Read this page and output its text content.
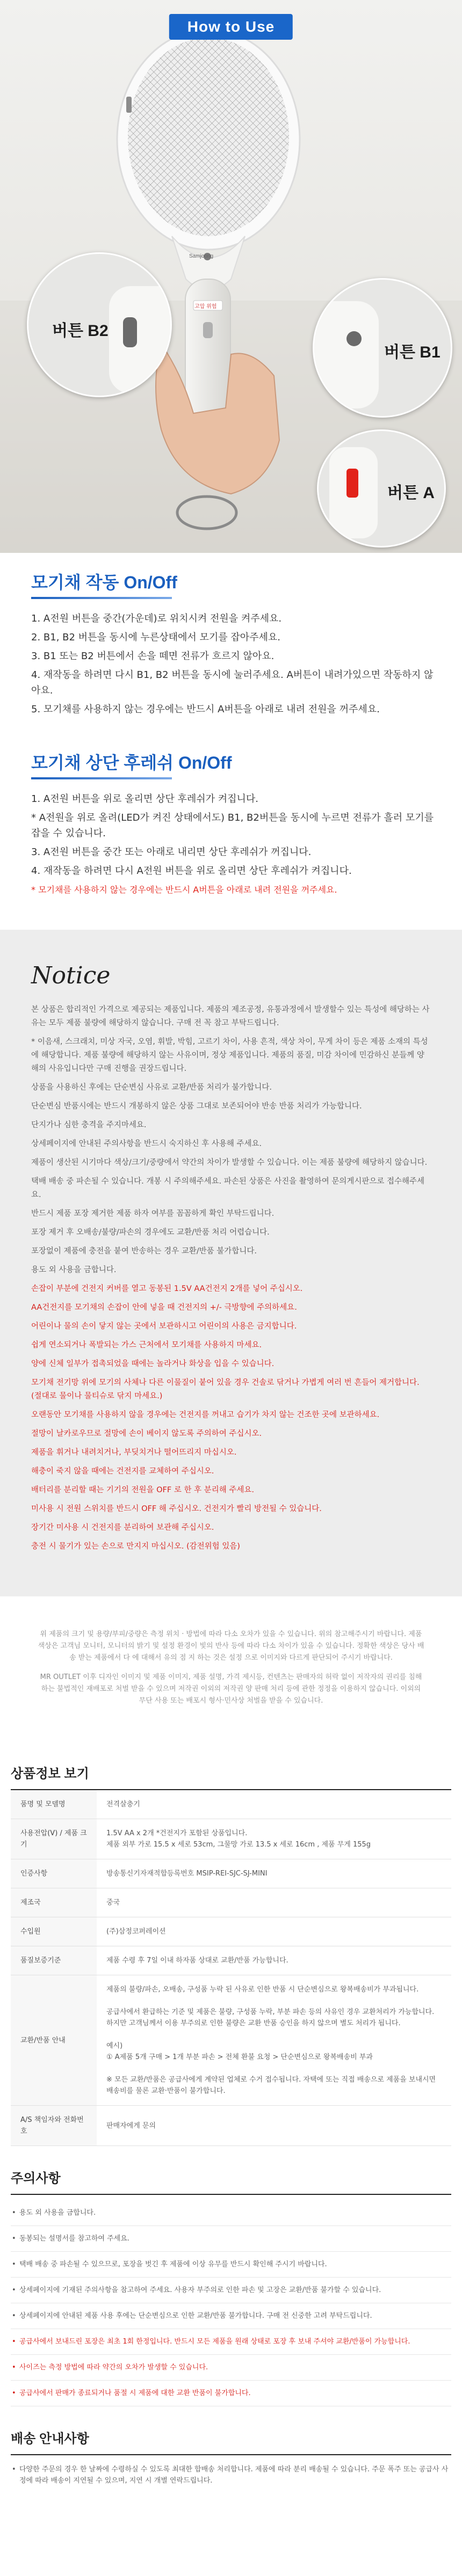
How to Use
Samjoong
고압 위험
버튼 B2
버튼 B1
버튼 A
모기채 작동 On/Off
1. A전원 버튼을 중간(가운데)로 위치시켜 전원을 켜주세요.
2. B1, B2 버튼을 동시에 누른상태에서 모기를 잡아주세요.
3. B1 또는 B2 버튼에서 손을 떼면 전류가 흐르지 않아요.
4. 재작동을 하려면 다시 B1, B2 버튼을 동시에 눌러주세요. A버튼이 내려가있으면 작동하지 않아요.
5. 모기채를 사용하지 않는 경우에는 반드시 A버튼을 아래로 내려 전원을 꺼주세요.
모기채 상단 후레쉬 On/Off
1. A전원 버튼을 위로 올리면 상단 후레쉬가 켜집니다.
* A전원을 위로 올려(LED가 켜진 상태에서도) B1, B2버튼을 동시에 누르면 전류가 흘러 모기를 잡을 수 있습니다.
3. A전원 버튼을 중간 또는 아래로 내리면 상단 후레쉬가 꺼집니다.
4. 재작동을 하려면 다시 A전원 버튼을 위로 올리면 상단 후레쉬가 켜집니다.
* 모기채를 사용하지 않는 경우에는 반드시 A버튼을 아래로 내려 전원을 꺼주세요.
Notice

본 상품은 합리적인 가격으로 제공되는 제품입니다. 제품의 제조공정, 유통과정에서 발생할수 있는 특성에 해당하는 사유는 모두 제품 불량에 해당하지 않습니다. 구매 전 꼭 참고 부탁드립니다.

* 이음새, 스크래치, 미상 자국, 오염, 휘발, 박힘, 고르기 차이, 사용 흔적, 색상 차이, 무게 차이 등은 제품 소재의 특성에 해당합니다. 제품 불량에 해당하지 않는 사유이며, 정상 제품입니다. 제품의 품질, 미감 차이에 민감하신 분들께 양해의 사유입니다만 구매 진행을 권장드립니다.

상품을 사용하신 후에는 단순변심 사유로 교환/반품 처리가 불가합니다.

단순변심 반품시에는 반드시 개봉하지 않은 상품 그대로 보존되어야 반송 반품 처리가 가능합니다.

단지가나 심한 충격을 주지마세요.

상세페이지에 안내된 주의사항을 반드시 숙지하신 후 사용해 주세요.

제품이 생산된 시기마다 색상/크기/중량에서 약간의 차이가 발생할 수 있습니다. 이는 제품 불량에 해당하지 않습니다.

택배 배송 중 파손될 수 있습니다. 개봉 시 주의해주세요. 파손된 상품은 사진을 촬영하여 문의게시판으로 접수해주세요.

반드시 제품 포장 제거한 제품 하자 여부를 꼼꼼하게 확인 부탁드립니다.

포장 제거 후 오배송/불량/파손의 경우에도 교환/반품 처리 어렵습니다.

포장없이 제품에 충전을 붙여 반송하는 경우 교환/반품 불가합니다.

용도 외 사용을 금합니다.

손잡이 부분에 건전지 커버를 열고 동봉된 1.5V AA건전지 2개를 넣어 주십시오.

AA건전지를 모기채의 손잡이 안에 넣을 때 건전지의 +/- 극방향에 주의하세요.

어린이나 물의 손이 닿지 않는 곳에서 보관하시고 어린이의 사용은 금지합니다.

쉽게 연소되거나 폭발되는 가스 근처에서 모기채를 사용하지 마세요.

양에 신체 일부가 접촉되었을 때에는 놀라거나 화상을 입을 수 있습니다.

모기채 전기망 위에 모기의 사체나 다른 이물질이 붙어 있을 경우 건솔로 닦거나 가볍게 여러 번 흔들어 제거합니다. (절대로 물이나 물티슈로 닦지 마세요.)

오랜동안 모기채를 사용하지 않을 경우에는 건전지를 꺼내고 습기가 차지 않는 건조한 곳에 보관하세요.

절망이 날카로우므로 절망에 손이 베이지 않도록 주의하여 주십시오.

제품을 휘거나 내려치거나, 부딪치거나 떨어뜨리지 마십시오.

해충이 죽지 않을 때에는 건전지를 교체하여 주십시오.

배터리를 분리할 때는 기기의 전원을 OFF 로 한 후 분리해 주세요.

미사용 시 전원 스위치를 반드시 OFF 해 주십시오. 건전지가 빨리 방전될 수 있습니다.

장기간 미사용 시 건전지를 분리하여 보관해 주십시오.

충전 시 물기가 있는 손으로 만지지 마십시오. (감전위험 있음)

위 제품의 크기 및 용량/부피/중량은 측정 위치 · 방법에 따라 다소 오차가 있을 수 있습니다. 위의 참고해주시기 바랍니다. 제품 색상은 고객님 모니터, 모니터의 밝기 및 설정 환경이 빛의 반사 등에 따라 다소 차이가 있을 수 있습니다. 정확한 색상은 당사 배송 받는 제품에서 다 에 대해서 유의 점 지 하는 것은 설정 으로 이미지와 다르게 판단되어 주시기 바랍니다.

MR OUTLET 이후 디자인 이미지 및 제품 이미지, 제품 설명, 가격 제시등, 컨텐츠는 판매자의 허락 없이 저작자의 권리를 침해하는 불법적인 재배포로 처벌 받을 수 있으며 저작권 이외의 저작권 양 판매 처리 등에 관한 정정을 이용하지 않습니다. 이외의 무단 사용 또는 배포시 형사·민사상 처벌을 받을 수 있습니다.

상품정보 보기
품명 및 모델명	전격살충기
사용전압(V) / 제품 크기	1.5V AA x 2개 *건전지가 포함된 상품입니다.
제품 외부 가로 15.5 x 세로 53cm, 그물망 가로 13.5 x 세로 16cm , 제품 무게 155g
인증사항	방송통신기자재적합등록번호 MSIP-REI-SJC-SJ-MINI
제조국	중국
수입원	(주)삼정코퍼레이션
품질보증기준	제품 수령 후 7일 이내 하자품 상대로 교환/반품 가능합니다.
교환/반품 안내	제품의 불량/파손, 오배송, 구성품 누락 된 사유로 인한 반품 시 단순변심으로 왕복배송비가 부과됩니다.

공급사에서 환급하는 기준 및 제품은 불량, 구성품 누락, 부분 파손 등의 사유인 경우 교환처리가 가능합니다. 하지만 고객님께서 이용 부주의로 인한 불량은 교환 반품 승인을 하지 않으며 별도 처리가 됩니다.

예시)
① A제품 5개 구매 > 1개 부분 파손 > 전체 환불 요청 > 단순변심으로 왕복배송비 부과

※ 모든 교환/반품은 공급사에게 계약된 업체로 수거 접수됩니다. 자택에 또는 직접 배송으로 제품을 보내시면 배송비를 물론 교환·반품이 불가합니다.
A/S 책임자와 전화번호	판매자에게 문의
주의사항
• 용도 외 사용을 금합니다.
• 동봉되는 설명서를 참고하여 주세요.
• 택배 배송 중 파손될 수 있으므로, 포장을 벗긴 후 제품에 이상 유무를 반드시 확인해 주시기 바랍니다.
• 상세페이지에 기재된 주의사항을 참고하여 주세요. 사용자 부주의로 인한 파손 및 고장은 교환/반품 불가할 수 있습니다.
• 상세페이지에 안내된 제품 사용 후에는 단순변심으로 인한 교환/반품 불가합니다. 구매 전 신중한 고려 부탁드립니다.
• 공급사에서 보내드린 포장은 최초 1회 한정입니다. 반드시 모든 제품을 원래 상태로 포장 후 보내 주셔야 교환/반품이 가능합니다.
• 사이즈는 측정 방법에 따라 약간의 오차가 발생할 수 있습니다.
• 공급사에서 판매가 종료되거나 품절 시 제품에 대한 교환 반품이 불가합니다.
배송 안내사항

• 다양한 주문의 경우 한 날짜에 수령하실 수 있도록 최대한 합배송 처리합니다. 제품에 따라 분리 배송될 수 있습니다. 주문 폭주 또는 공급사 사정에 따라 배송이 지연될 수 있으며, 지연 시 개별 연락드립니다.
